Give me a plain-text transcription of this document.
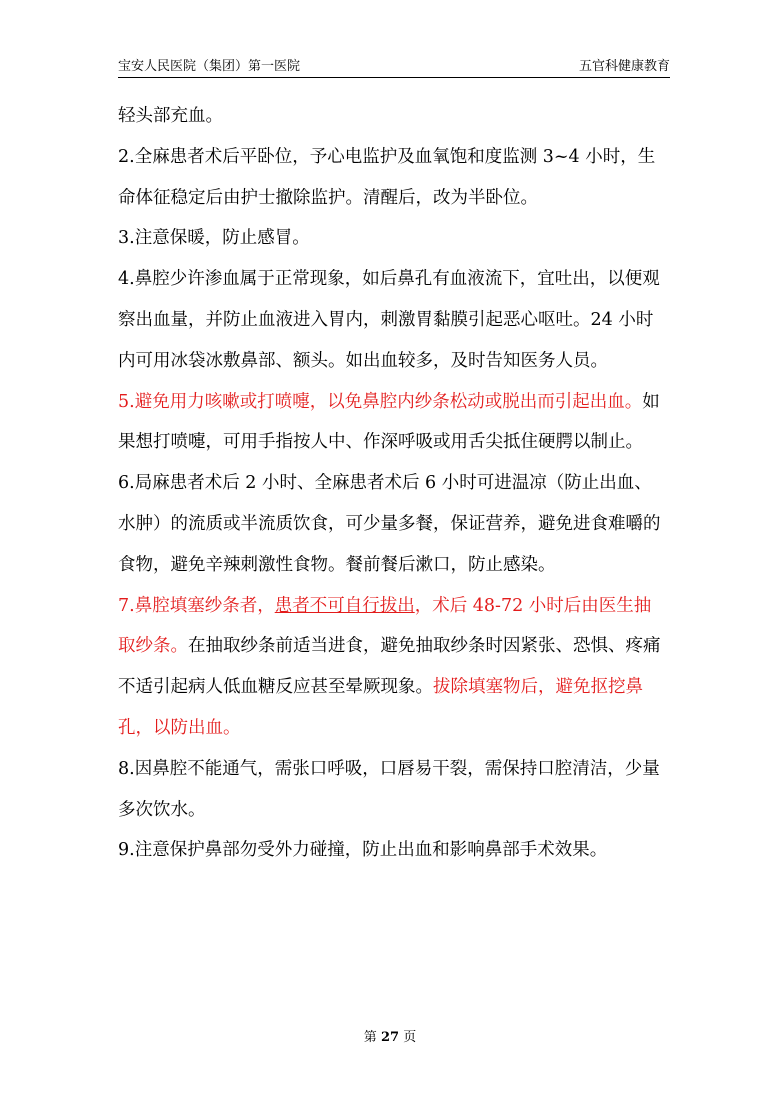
宝安人民医院（集团）第一医院	五官科健康教育

轻头部充血。

2.全麻患者术后平卧位，予心电监护及血氧饱和度监测 3~4 小时，生命体征稳定后由护士撤除监护。清醒后，改为半卧位。

3.注意保暖，防止感冒。

4.鼻腔少许渗血属于正常现象，如后鼻孔有血液流下，宜吐出，以便观察出血量，并防止血液进入胃内，刺激胃黏膜引起恶心呕吐。24 小时内可用冰袋冰敷鼻部、额头。如出血较多，及时告知医务人员。

5.避免用力咳嗽或打喷嚏，以免鼻腔内纱条松动或脱出而引起出血。如果想打喷嚏，可用手指按人中、作深呼吸或用舌尖抵住硬腭以制止。

6.局麻患者术后 2 小时、全麻患者术后 6 小时可进温凉（防止出血、水肿）的流质或半流质饮食，可少量多餐，保证营养，避免进食难嚼的食物，避免辛辣刺激性食物。餐前餐后漱口，防止感染。

7.鼻腔填塞纱条者，患者不可自行拔出，术后 48-72 小时后由医生抽取纱条。在抽取纱条前适当进食，避免抽取纱条时因紧张、恐惧、疼痛不适引起病人低血糖反应甚至晕厥现象。拔除填塞物后，避免抠挖鼻孔，以防出血。

8.因鼻腔不能通气，需张口呼吸，口唇易干裂，需保持口腔清洁，少量多次饮水。

9.注意保护鼻部勿受外力碰撞，防止出血和影响鼻部手术效果。

第 27 页
